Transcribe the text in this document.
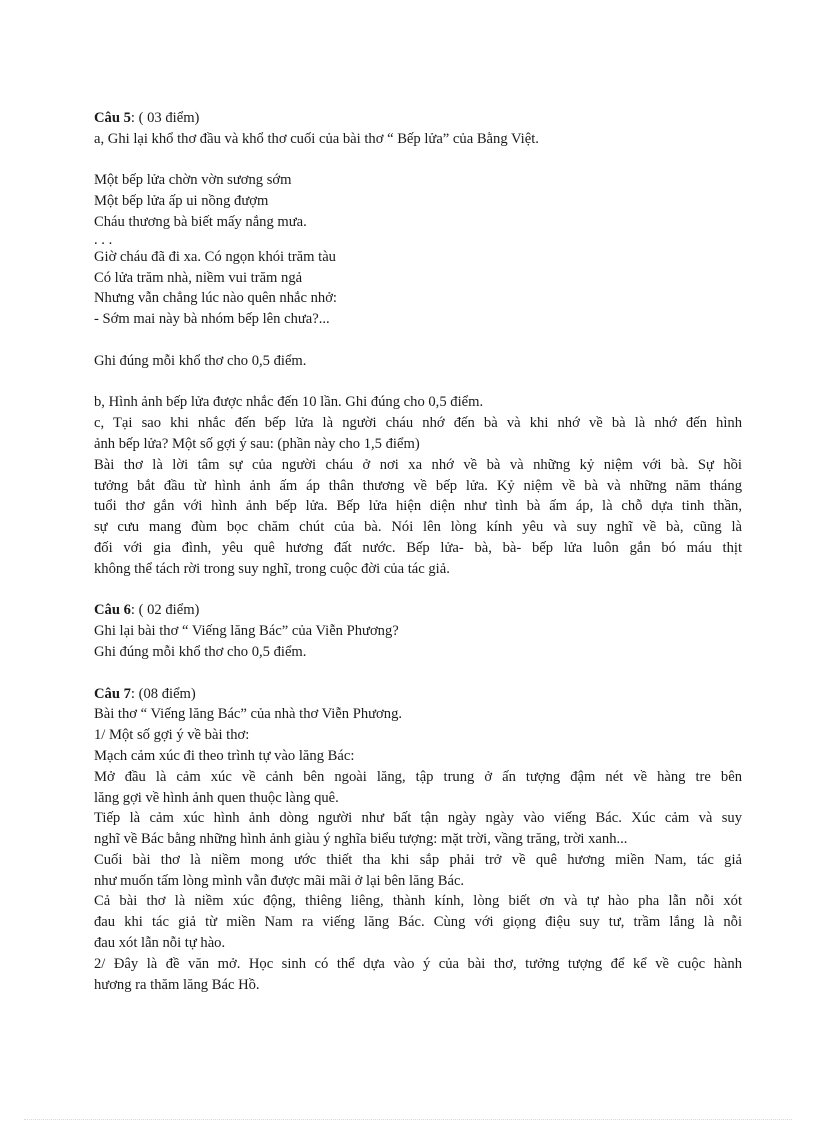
Câu 5: ( 03 điểm)
a, Ghi lại khổ thơ đầu và khổ thơ cuối của bài thơ “ Bếp lửa” của Bằng Việt.
Một bếp lửa chờn vờn sương sớm
Một bếp lửa ấp ui nồng đượm
Cháu thương bà biết mấy nắng mưa.
. . .
Giờ cháu đã đi xa. Có ngọn khói trăm tàu
Có lửa trăm nhà, niềm vui trăm ngả
Nhưng vẫn chẳng lúc nào quên nhắc nhở:
- Sớm mai này bà nhóm bếp lên chưa?...
Ghi đúng mỗi khổ thơ cho 0,5 điểm.
b, Hình ảnh bếp lửa được nhắc đến 10 lần. Ghi đúng cho 0,5 điểm.
c, Tại sao khi nhắc đến bếp lửa là người cháu nhớ đến bà và khi nhớ về bà là nhớ đến hình
ảnh bếp lửa? Một số gợi ý sau: (phần này cho 1,5 điểm)
Bài thơ là lời tâm sự của người cháu ở nơi xa nhớ về bà và những kỷ niệm với bà. Sự hồi
tưởng bắt đầu từ hình ảnh ấm áp thân thương về bếp lửa. Kỷ niệm về bà và những năm tháng
tuổi thơ gắn với hình ảnh bếp lửa. Bếp lửa hiện diện như tình bà ấm áp, là chỗ dựa tinh thần,
sự cưu mang đùm bọc chăm chút của bà. Nói lên lòng kính yêu và suy nghĩ về bà, cũng là
đối với gia đình, yêu quê hương đất nước. Bếp lửa- bà, bà- bếp lửa luôn gắn bó máu thịt
không thể tách rời trong suy nghĩ, trong cuộc đời của tác giả.
Câu 6: ( 02 điểm)
Ghi lại bài thơ “ Viếng lăng Bác” của Viễn Phương?
Ghi đúng mỗi khổ thơ cho 0,5 điểm.
Câu 7: (08 điểm)
Bài thơ “ Viếng lăng Bác” của nhà thơ Viễn Phương.
1/ Một số gợi ý về bài thơ:
Mạch cảm xúc đi theo trình tự vào lăng Bác:
Mở đầu là cảm xúc về cảnh bên ngoài lăng, tập trung ở ấn tượng đậm nét về hàng tre bên
lăng gợi về hình ảnh quen thuộc làng quê.
Tiếp là cảm xúc hình ảnh dòng người như bất tận ngày ngày vào viếng Bác. Xúc cảm và suy
nghĩ về Bác bằng những hình ảnh giàu ý nghĩa biểu tượng: mặt trời, vầng trăng, trời xanh...
Cuối bài thơ là niềm mong ước thiết tha khi sắp phải trở về quê hương miền Nam, tác giả
như muốn tấm lòng mình vẫn được mãi mãi ở lại bên lăng Bác.
Cả bài thơ là niềm xúc động, thiêng liêng, thành kính, lòng biết ơn và tự hào pha lẫn nỗi xót
đau khi tác giả từ miền Nam ra viếng lăng Bác. Cùng với giọng điệu suy tư, trầm lắng là nỗi
đau xót lẫn nỗi tự hào.
2/ Đây là đề văn mở. Học sinh có thể dựa vào ý của bài thơ, tưởng tượng để kể về cuộc hành
hương ra thăm lăng Bác Hồ.
